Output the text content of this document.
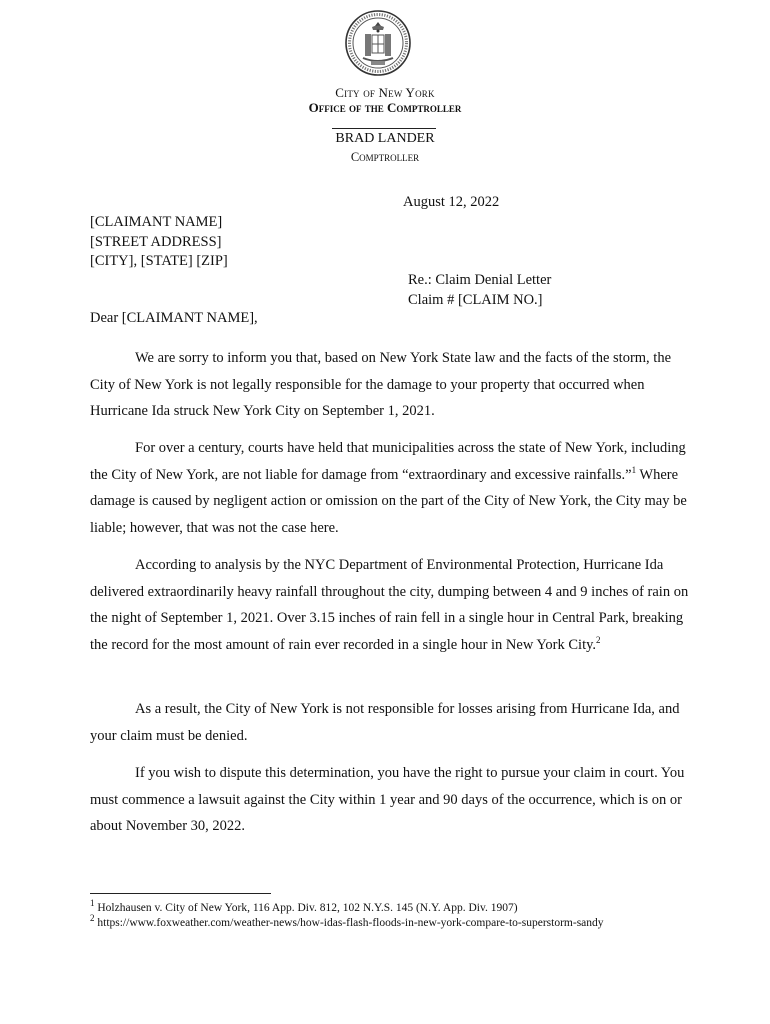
City of New York
Office of the Comptroller
BRAD LANDER
Comptroller
August 12, 2022
[CLAIMANT NAME]
[STREET ADDRESS]
[CITY], [STATE] [ZIP]
Re.: Claim Denial Letter
Claim # [CLAIM NO.]
Dear [CLAIMANT NAME],

We are sorry to inform you that, based on New York State law and the facts of the storm, the City of New York is not legally responsible for the damage to your property that occurred when Hurricane Ida struck New York City on September 1, 2021.

For over a century, courts have held that municipalities across the state of New York, including the City of New York, are not liable for damage from “extraordinary and excessive rainfalls.”$^1$ Where damage is caused by negligent action or omission on the part of the City of New York, the City may be liable; however, that was not the case here.

According to analysis by the NYC Department of Environmental Protection, Hurricane Ida delivered extraordinarily heavy rainfall throughout the city, dumping between 4 and 9 inches of rain on the night of September 1, 2021. Over 3.15 inches of rain fell in a single hour in Central Park, breaking the record for the most amount of rain ever recorded in a single hour in New York City.$^2$

As a result, the City of New York is not responsible for losses arising from Hurricane Ida, and your claim must be denied.

If you wish to dispute this determination, you have the right to pursue your claim in court. You must commence a lawsuit against the City within 1 year and 90 days of the occurrence, which is on or about November 30, 2022.

$^1$ Holzhausen v. City of New York, 116 App. Div. 812, 102 N.Y.S. 145 (N.Y. App. Div. 1907)
$^2$ https://www.foxweather.com/weather-news/how-idas-flash-floods-in-new-york-compare-to-superstorm-sandy
